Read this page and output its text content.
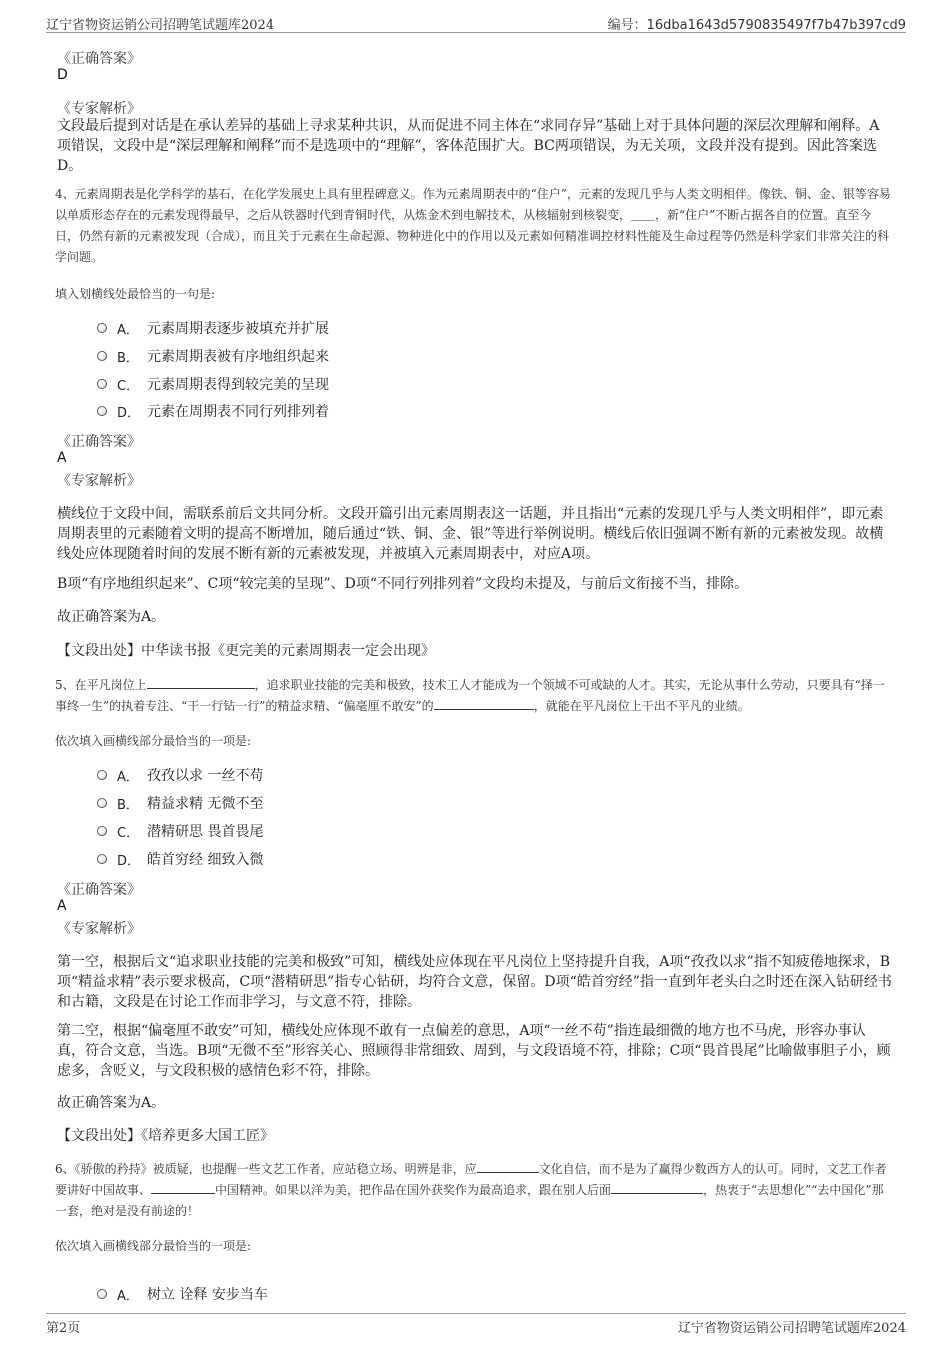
辽宁省物资运销公司招聘笔试题库2024	编号：16dba1643d5790835497f7b47b397cd9
《正确答案》
D
《专家解析》
文段最后提到对话是在承认差异的基础上寻求某种共识，从而促进不同主体在“求同存异”基础上对于具体问题的深层次理解和阐释。A项错误，文段中是“深层理解和阐释”而不是选项中的“理解”，客体范围扩大。BC两项错误，为无关项，文段并没有提到。因此答案选D。
4、元素周期表是化学科学的基石，在化学发展史上具有里程碑意义。作为元素周期表中的“住户”，元素的发现几乎与人类文明相伴。像铁、铜、金、银等容易以单质形态存在的元素发现得最早，之后从铁器时代到青铜时代，从炼金术到电解技术，从核辐射到核裂变，＿＿，新“住户”不断占据各自的位置。直至今日，仍然有新的元素被发现（合成），而且关于元素在生命起源、物种进化中的作用以及元素如何精准调控材料性能及生命过程等仍然是科学家们非常关注的科学问题。
填入划横线处最恰当的一句是:
A． 元素周期表逐步被填充并扩展
B． 元素周期表被有序地组织起来
C． 元素周期表得到较完美的呈现
D． 元素在周期表不同行列排列着
《正确答案》
A
《专家解析》
横线位于文段中间，需联系前后文共同分析。文段开篇引出元素周期表这一话题，并且指出“元素的发现几乎与人类文明相伴”，即元素周期表里的元素随着文明的提高不断增加，随后通过“铁、铜、金、银”等进行举例说明。横线后依旧强调不断有新的元素被发现。故横线处应体现随着时间的发展不断有新的元素被发现，并被填入元素周期表中，对应A项。
B项“有序地组织起来”、C项“较完美的呈现”、D项“不同行列排列着”文段均未提及，与前后文衔接不当，排除。
故正确答案为A。
【文段出处】中华读书报《更完美的元素周期表一定会出现》
5、在平凡岗位上	，追求职业技能的完美和极致，技术工人才能成为一个领域不可或缺的人才。其实，无论从事什么劳动，只要具有“择一事终一生”的执着专注、“干一行钻一行”的精益求精、“偏毫厘不敢安”的	，就能在平凡岗位上干出不平凡的业绩。
依次填入画横线部分最恰当的一项是:
A． 孜孜以求 一丝不苟
B． 精益求精 无微不至
C． 潜精研思 畏首畏尾
D． 皓首穷经 细致入微
《正确答案》
A
《专家解析》
第一空，根据后文“追求职业技能的完美和极致”可知，横线处应体现在平凡岗位上坚持提升自我，A项“孜孜以求”指不知疲倦地探求，B项“精益求精”表示要求极高，C项“潜精研思”指专心钻研，均符合文意，保留。D项“皓首穷经”指一直到年老头白之时还在深入钻研经书和古籍，文段是在讨论工作而非学习，与文意不符，排除。
第二空，根据“偏毫厘不敢安”可知，横线处应体现不敢有一点偏差的意思，A项“一丝不苟”指连最细微的地方也不马虎，形容办事认真，符合文意，当选。B项“无微不至”形容关心、照顾得非常细致、周到，与文段语境不符，排除；C项“畏首畏尾”比喻做事胆子小，顾虑多，含贬义，与文段积极的感情色彩不符，排除。
故正确答案为A。
【文段出处】《培养更多大国工匠》
6、《骄傲的矜持》被质疑，也提醒一些文艺工作者，应站稳立场、明辨是非，应	文化自信，而不是为了赢得少数西方人的认可。同时，文艺工作者要讲好中国故事、	中国精神。如果以洋为美，把作品在国外获奖作为最高追求，跟在别人后面	，热衷于“去思想化”“去中国化”那一套，绝对是没有前途的！
依次填入画横线部分最恰当的一项是:
A． 树立 诠释 安步当车
第2页	辽宁省物资运销公司招聘笔试题库2024
